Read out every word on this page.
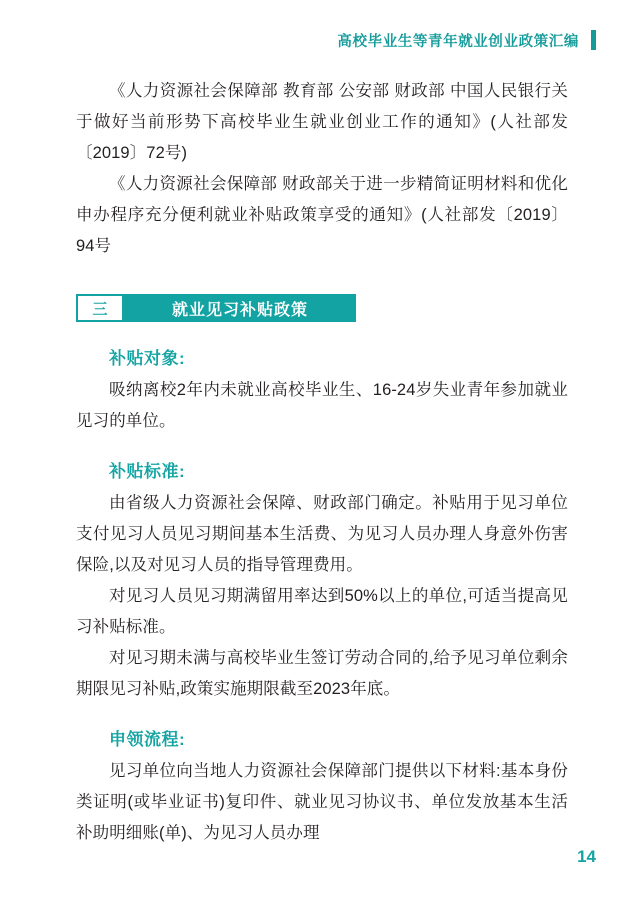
高校毕业生等青年就业创业政策汇编

《人力资源社会保障部 教育部 公安部 财政部 中国人民银行关于做好当前形势下高校毕业生就业创业工作的通知》(人社部发〔2019〕72号)

《人力资源社会保障部 财政部关于进一步精简证明材料和优化申办程序充分便利就业补贴政策享受的通知》(人社部发〔2019〕94号

三	就业见习补贴政策
补贴对象:

吸纳离校2年内未就业高校毕业生、16-24岁失业青年参加就业见习的单位。

补贴标准:

由省级人力资源社会保障、财政部门确定。补贴用于见习单位支付见习人员见习期间基本生活费、为见习人员办理人身意外伤害保险,以及对见习人员的指导管理费用。

对见习人员见习期满留用率达到50%以上的单位,可适当提高见习补贴标准。

对见习期未满与高校毕业生签订劳动合同的,给予见习单位剩余期限见习补贴,政策实施期限截至2023年底。

申领流程:

见习单位向当地人力资源社会保障部门提供以下材料:基本身份类证明(或毕业证书)复印件、就业见习协议书、单位发放基本生活补助明细账(单)、为见习人员办理

14
